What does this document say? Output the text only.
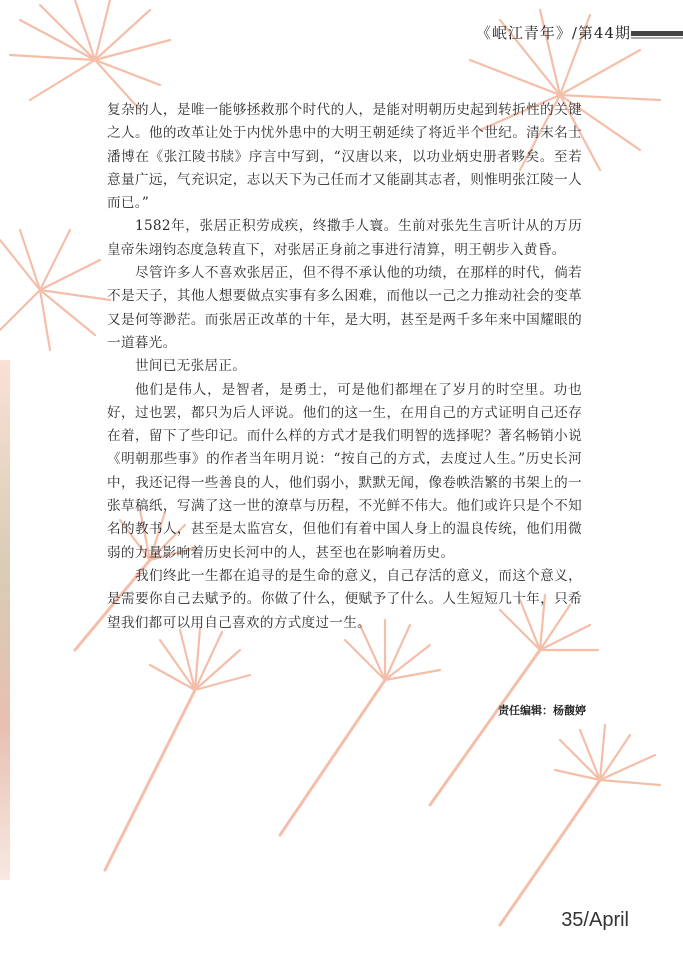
《岷江青年》/第44期

复杂的人，是唯一能够拯救那个时代的人，是能对明朝历史起到转折性的关键之人。他的改革让处于内忧外患中的大明王朝延续了将近半个世纪。清末名士潘博在《张江陵书牍》序言中写到，“汉唐以来，以功业炳史册者夥矣。至若意量广远，气充识定，志以天下为己任而才又能副其志者，则惟明张江陵一人而已。”

1582年，张居正积劳成疾，终撒手人寰。生前对张先生言听计从的万历皇帝朱翊钧态度急转直下，对张居正身前之事进行清算，明王朝步入黄昏。

尽管许多人不喜欢张居正，但不得不承认他的功绩，在那样的时代，倘若不是天子，其他人想要做点实事有多么困难，而他以一己之力推动社会的变革又是何等渺茫。而张居正改革的十年，是大明，甚至是两千多年来中国耀眼的一道暮光。

世间已无张居正。

他们是伟人，是智者，是勇士，可是他们都埋在了岁月的时空里。功也好，过也罢，都只为后人评说。他们的这一生，在用自己的方式证明自己还存在着，留下了些印记。而什么样的方式才是我们明智的选择呢？著名畅销小说《明朝那些事》的作者当年明月说：“按自己的方式，去度过人生。”历史长河中，我还记得一些善良的人，他们弱小，默默无闻，像卷帙浩繁的书架上的一张草稿纸，写满了这一世的潦草与历程，不光鲜不伟大。他们或许只是个不知名的教书人，甚至是太监宫女，但他们有着中国人身上的温良传统，他们用微弱的力量影响着历史长河中的人，甚至也在影响着历史。

我们终此一生都在追寻的是生命的意义，自己存活的意义，而这个意义，是需要你自己去赋予的。你做了什么，便赋予了什么。人生短短几十年，只希望我们都可以用自己喜欢的方式度过一生。

责任编辑：杨馥婷
35/April
